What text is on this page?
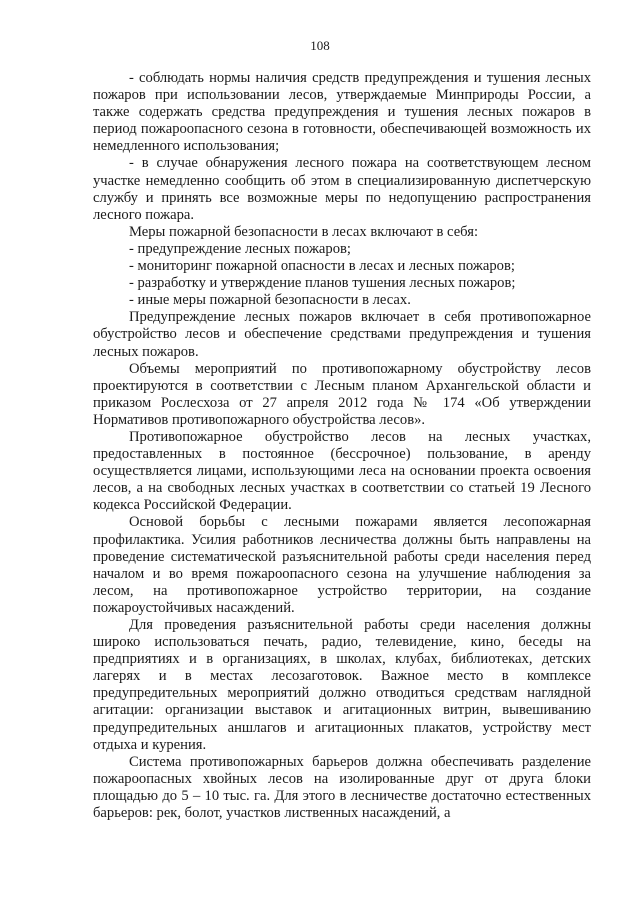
108

- соблюдать нормы наличия средств предупреждения и тушения лесных пожаров при использовании лесов, утверждаемые Минприроды России, а также содержать средства предупреждения и тушения лесных пожаров в период пожароопасного сезона в готовности, обеспечивающей возможность их немедленного использования;

- в случае обнаружения лесного пожара на соответствующем лесном участке немедленно сообщить об этом в специализированную диспетчерскую службу и принять все возможные меры по недопущению распространения лесного пожара.

Меры пожарной безопасности в лесах включают в себя:

- предупреждение лесных пожаров;

- мониторинг пожарной опасности в лесах и лесных пожаров;

- разработку и утверждение планов тушения лесных пожаров;

- иные меры пожарной безопасности в лесах.

Предупреждение лесных пожаров включает в себя противопожарное обустройство лесов и обеспечение средствами предупреждения и тушения лесных пожаров.

Объемы мероприятий по противопожарному обустройству лесов проектируются в соответствии с Лесным планом Архангельской области и приказом Рослесхоза от 27 апреля 2012 года № 174 «Об утверждении Нормативов противопожарного обустройства лесов».

Противопожарное обустройство лесов на лесных участках, предоставленных в постоянное (бессрочное) пользование, в аренду осуществляется лицами, использующими леса на основании проекта освоения лесов, а на свободных лесных участках в соответствии со статьей 19 Лесного кодекса Российской Федерации.

Основой борьбы с лесными пожарами является лесопожарная профилактика. Усилия работников лесничества должны быть направлены на проведение систематической разъяснительной работы среди населения перед началом и во время пожароопасного сезона на улучшение наблюдения за лесом, на противопожарное устройство территории, на создание пожароустойчивых насаждений.

Для проведения разъяснительной работы среди населения должны широко использоваться печать, радио, телевидение, кино, беседы на предприятиях и в организациях, в школах, клубах, библиотеках, детских лагерях и в местах лесозаготовок. Важное место в комплексе предупредительных мероприятий должно отводиться средствам наглядной агитации: организации выставок и агитационных витрин, вывешиванию предупредительных аншлагов и агитационных плакатов, устройству мест отдыха и курения.

Система противопожарных барьеров должна обеспечивать разделение пожароопасных хвойных лесов на изолированные друг от друга блоки площадью до 5 – 10 тыс. га. Для этого в лесничестве достаточно естественных барьеров: рек, болот, участков лиственных насаждений, а
